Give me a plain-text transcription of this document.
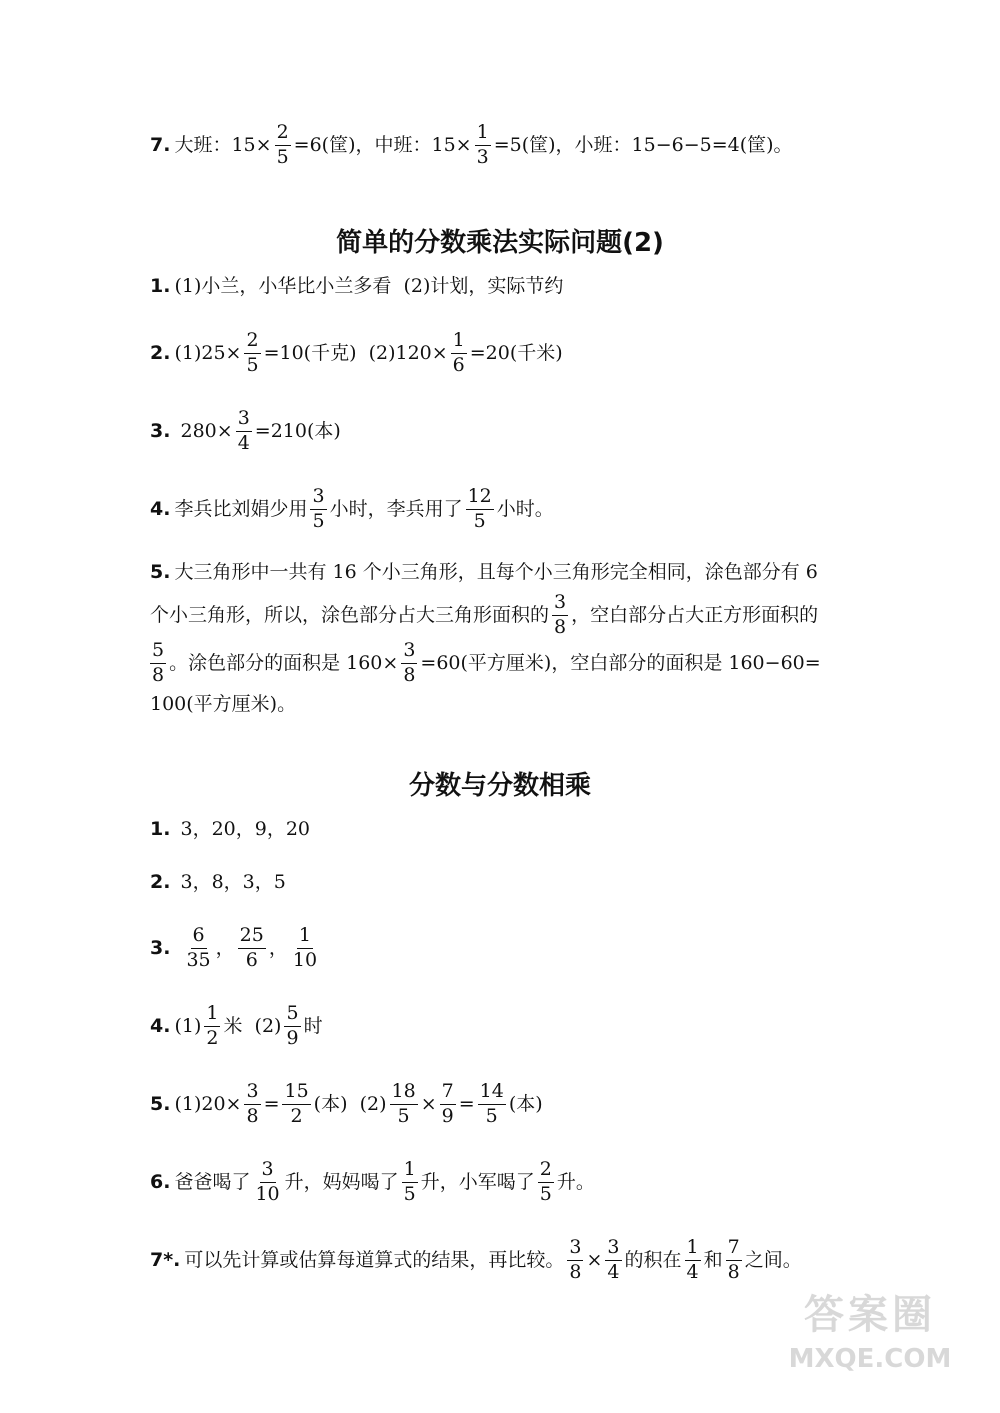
7. 大班：$15\times \frac{2}{5} =6$(筐)，中班：$15\times \frac{1}{3} =5$(筐)，小班：15−6−5=4(筐)。
简单的分数乘法实际问题(2)
1. (1)小兰，小华比小兰多看  (2)计划，实际节约
2. $(1)25\times \frac{2}{5} =10$(千克)  $(2)120\times \frac{1}{6} =20$(千米)
3. $280\times \frac{3}{4} =210$(本)
4. 李兵比刘娟少用 $\frac{3}{5}$ 小时，李兵用了 $\frac{12}{5}$ 小时。
5. 大三角形中一共有 16 个小三角形，且每个小三角形完全相同，涂色部分有 6
个小三角形，所以，涂色部分占大三角形面积的 $\frac{3}{8}$ ，空白部分占大正方形面积的
$\frac{5}{8}$ 。涂色部分的面积是 $160\times \frac{3}{8} =60$(平方厘米)，空白部分的面积是 160−60=
100(平方厘米)。
分数与分数相乘
1. 3，20，9，20
2. 3，8，3，5
3. $\frac{6}{35}$ ， $\frac{25}{6}$ ， $\frac{1}{10}$
4. $(1) \frac{1}{2}$ 米  $(2) \frac{5}{9}$ 时
5. $(1)20\times \frac{3}{8} = \frac{15}{2}$ (本)  $(2) \frac{18}{5} \times \frac{7}{9} = \frac{14}{5}$ (本)
6. 爸爸喝了 $\frac{3}{10}$ 升，妈妈喝了 $\frac{1}{5}$ 升，小军喝了 $\frac{2}{5}$ 升。
7*. 可以先计算或估算每道算式的结果，再比较。 $\frac{3}{8} \times \frac{3}{4}$ 的积在 $\frac{1}{4}$ 和 $\frac{7}{8}$ 之间。
答案圈
MXQE.COM
